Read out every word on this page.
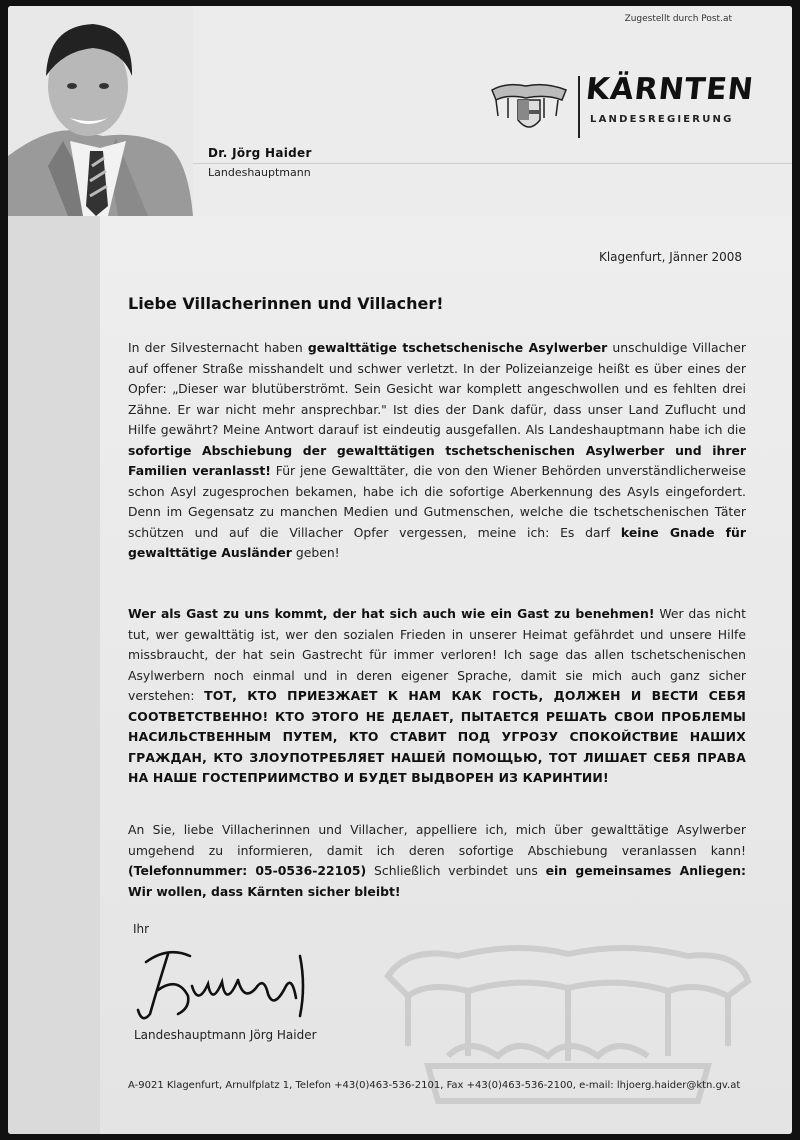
Zugestellt durch Post.at
Dr. Jörg Haider
Landeshauptmann
KÄRNTEN
LANDESREGIERUNG
Klagenfurt, Jänner 2008
Liebe Villacherinnen und Villacher!
In der Silvesternacht haben gewalttätige tschetschenische Asylwerber unschuldige Villacher auf offener Straße misshandelt und schwer verletzt. In der Polizeianzeige heißt es über eines der Opfer: „Dieser war blutüberströmt. Sein Gesicht war komplett angeschwollen und es fehlten drei Zähne. Er war nicht mehr ansprechbar." Ist dies der Dank dafür, dass unser Land Zuflucht und Hilfe gewährt? Meine Antwort darauf ist eindeutig ausgefallen. Als Landeshauptmann habe ich die sofortige Abschiebung der gewalttätigen tschetschenischen Asylwerber und ihrer Familien veranlasst! Für jene Gewalttäter, die von den Wiener Behörden unverständlicherweise schon Asyl zugesprochen bekamen, habe ich die sofortige Aberkennung des Asyls eingefordert. Denn im Gegensatz zu manchen Medien und Gutmenschen, welche die tschetschenischen Täter schützen und auf die Villacher Opfer vergessen, meine ich: Es darf keine Gnade für gewalttätige Ausländer geben!
Wer als Gast zu uns kommt, der hat sich auch wie ein Gast zu benehmen! Wer das nicht tut, wer gewalttätig ist, wer den sozialen Frieden in unserer Heimat gefährdet und unsere Hilfe missbraucht, der hat sein Gastrecht für immer verloren! Ich sage das allen tschetschenischen Asylwerbern noch einmal und in deren eigener Sprache, damit sie mich auch ganz sicher verstehen: ТОТ, КТО ПРИЕЗЖАЕТ К НАМ КАК ГОСТЬ, ДОЛЖЕН И ВЕСТИ СЕБЯ СООТВЕТСТВЕННО! КТО ЭТОГО НЕ ДЕЛАЕТ, ПЫТАЕТСЯ РЕШАТЬ СВОИ ПРОБЛЕМЫ НАСИЛЬСТВЕННЫМ ПУТЕМ, КТО СТАВИТ ПОД УГРОЗУ СПОКОЙСТВИЕ НАШИХ ГРАЖДАН, КТО ЗЛОУПОТРЕБЛЯЕТ НАШЕЙ ПОМОЩЬЮ, ТОТ ЛИШАЕТ СЕБЯ ПРАВА НА НАШЕ ГОСТЕПРИИМСТВО И БУДЕТ ВЫДВОРЕН ИЗ КАРИНТИИ!
An Sie, liebe Villacherinnen und Villacher, appelliere ich, mich über gewalttätige Asylwerber umgehend zu informieren, damit ich deren sofortige Abschiebung veranlassen kann! (Telefonnummer: 05-0536-22105) Schließlich verbindet uns ein gemeinsames Anliegen: Wir wollen, dass Kärnten sicher bleibt!
Ihr
Landeshauptmann Jörg Haider
A-9021 Klagenfurt, Arnulfplatz 1, Telefon +43(0)463-536-2101, Fax +43(0)463-536-2100, e-mail: lhjoerg.haider@ktn.gv.at
